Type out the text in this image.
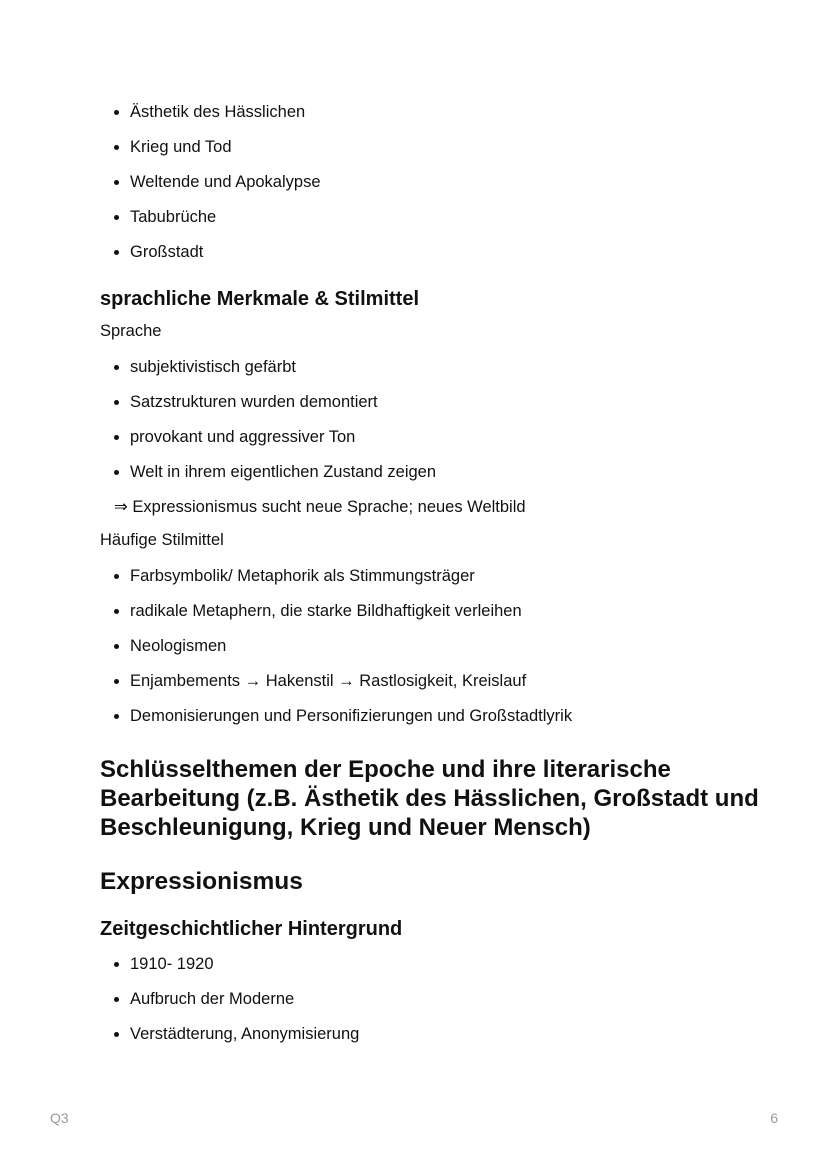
Ästhetik des Hässlichen
Krieg und Tod
Weltende und Apokalypse
Tabubrüche
Großstadt
sprachliche Merkmale & Stilmittel
Sprache
subjektivistisch gefärbt
Satzstrukturen wurden demontiert
provokant und aggressiver Ton
Welt in ihrem eigentlichen Zustand zeigen
⇒ Expressionismus sucht neue Sprache; neues Weltbild
Häufige Stilmittel
Farbsymbolik/ Metaphorik als Stimmungsträger
radikale Metaphern, die starke Bildhaftigkeit verleihen
Neologismen
Enjambements → Hakenstil → Rastlosigkeit, Kreislauf
Demonisierungen und Personifizierungen und Großstadtlyrik
Schlüsselthemen der Epoche und ihre literarische Bearbeitung (z.B. Ästhetik des Hässlichen, Großstadt und Beschleunigung, Krieg und Neuer Mensch)
Expressionismus
Zeitgeschichtlicher Hintergrund
1910- 1920
Aufbruch der Moderne
Verstädterung, Anonymisierung
Q3	6
